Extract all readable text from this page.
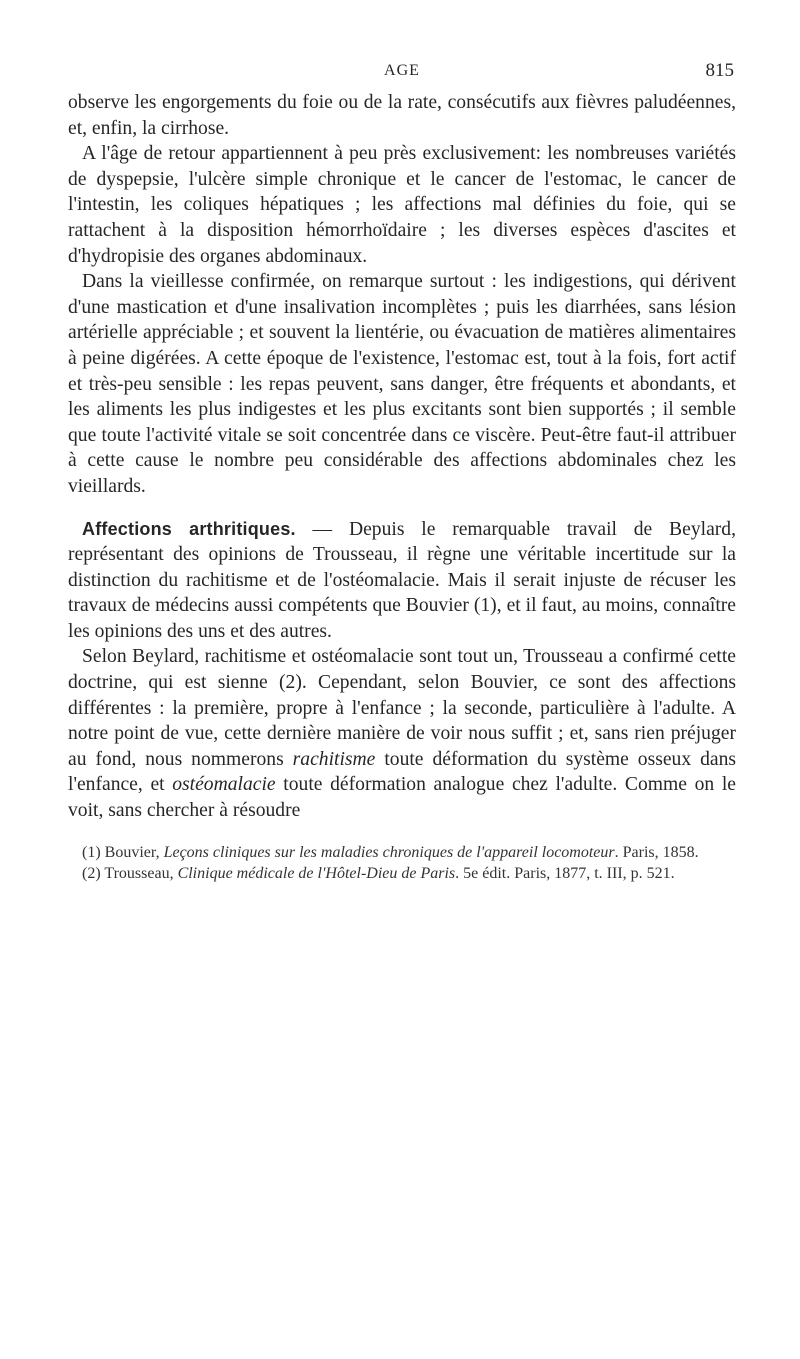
AGE	815

observe les engorgements du foie ou de la rate, consécutifs aux fièvres paludéennes, et, enfin, la cirrhose.

A l'âge de retour appartiennent à peu près exclusivement: les nombreuses variétés de dyspepsie, l'ulcère simple chronique et le cancer de l'estomac, le cancer de l'intestin, les coliques hépatiques ; les affections mal définies du foie, qui se rattachent à la disposition hémorrhoïdaire ; les diverses espèces d'ascites et d'hydropisie des organes abdominaux.

Dans la vieillesse confirmée, on remarque surtout : les indigestions, qui dérivent d'une mastication et d'une insalivation incomplètes ; puis les diarrhées, sans lésion artérielle appréciable ; et souvent la lientérie, ou évacuation de matières alimentaires à peine digérées. A cette époque de l'existence, l'estomac est, tout à la fois, fort actif et très-peu sensible : les repas peuvent, sans danger, être fréquents et abondants, et les aliments les plus indigestes et les plus excitants sont bien supportés ; il semble que toute l'activité vitale se soit concentrée dans ce viscère. Peut-être faut-il attribuer à cette cause le nombre peu considérable des affections abdominales chez les vieillards.

Affections arthritiques. — Depuis le remarquable travail de Beylard, représentant des opinions de Trousseau, il règne une véritable incertitude sur la distinction du rachitisme et de l'ostéomalacie. Mais il serait injuste de récuser les travaux de médecins aussi compétents que Bouvier (1), et il faut, au moins, connaître les opinions des uns et des autres.

Selon Beylard, rachitisme et ostéomalacie sont tout un, Trousseau a confirmé cette doctrine, qui est sienne (2). Cependant, selon Bouvier, ce sont des affections différentes : la première, propre à l'enfance ; la seconde, particulière à l'adulte. A notre point de vue, cette dernière manière de voir nous suffit ; et, sans rien préjuger au fond, nous nommerons rachitisme toute déformation du système osseux dans l'enfance, et ostéomalacie toute déformation analogue chez l'adulte. Comme on le voit, sans chercher à résoudre

(1) Bouvier, Leçons cliniques sur les maladies chroniques de l'appareil locomoteur. Paris, 1858.

(2) Trousseau, Clinique médicale de l'Hôtel-Dieu de Paris. 5e édit. Paris, 1877, t. III, p. 521.
